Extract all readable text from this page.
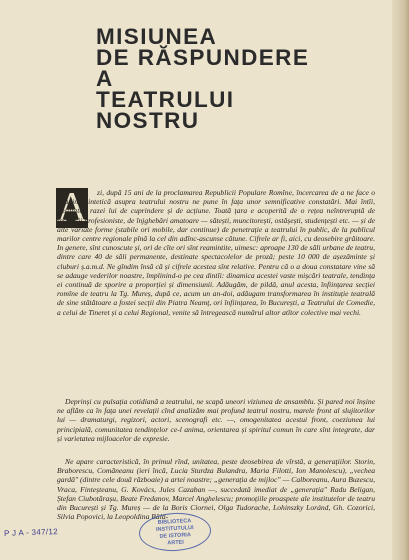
MISIUNEA
DE RĂSPUNDERE
A
TEATRULUI
NOSTRU
A	zi, după 15 ani de la proclamarea Republicii Populare Romîne, încercarea de a ne face o imagine sintetică asupra teatrului nostru ne pune în fața unor semnificative constatări. Mai întîi, vastitatea razei lui de cuprindere și de acțiune. Toată țara e acoperită de o rețea neîntreruptă de instituții profesioniste, de înjghebări amatoare — sătești, muncitorești, ostășești, studențești etc. — și de alte variate forme (stabile ori mobile, dar continue) de penetrație a teatrului în public, de la publicul marilor centre regionale pînă la cel din adînc-ascunse cătune. Cifrele ar fi, aici, cu deosebire grăitoare. In genere, sînt cunoscute și, ori de cîte ori sînt reamintite, uimesc: aproape 130 de săli urbane de teatru, dintre care 40 de săli permanente, destinate spectacolelor de proză; peste 10 000 de așezăminte și cluburi ș.a.m.d. Ne gîndim însă că și cifrele acestea sînt relative. Pentru că o a doua constatare vine să se adauge vederilor noastre, împlinind-o pe cea dintîi: dinamica acestei vaste mișcări teatrale, tendința ei continuă de sporire a proporției și dimensiunii. Adăugăm, de pildă, anul acesta, înființarea secției romîne de teatru la Tg. Mureș, după ce, acum un an-doi, adăugam transformarea în instituție teatrală de sine stătătoare a fostei secții din Piatra Neamț, ori înființarea, în București, a Teatrului de Comedie, a celui de Tineret și a celui Regional, venite să întregească numărul altor atîtor colective mai vechi.

Deprinși cu pulsația cotidiană a teatrului, ne scapă uneori viziunea de ansamblu. Și pared noi înșine ne aflăm ca în fața unei revelații cînd analizăm mai profund teatrul nostru, marele front al slujitorilor lui — dramaturgi, regizori, actori, scenografi etc. —, omogenitatea acestui front, coeziunea lui principială, comunitatea tendințelor ce-l anima, orientarea și spiritul comun în care sînt integrate, dar și varietatea mijloacelor de expresie.

Ne apare caracteristică, în primul rînd, unitatea, peste deosebirea de vîrstă, a generațiilor. Storin, Braborescu, Comăneanu (ieri încă, Lucia Sturdza Bulandra, Maria Filotti, Ion Manolescu), „vechea gardă" (dintre cele două războaie) a artei noastre; „generația de mijloc" — Calboreanu, Aura Buzescu, Vraca, Finteșteanu, G. Kovács, Jules Cazaban —, succedată imediat de „generația" Radu Beligan, Ștefan Ciubotărașu, Beate Fredanov, Marcel Anghelescu; promoțiile proaspete ale institutelor de teatru din București și Tg. Mureș — de la Boris Ciornei, Olga Tudorache, Lohinszky Loránd, Gh. Cozorici, Silvia Popovici, la Leopoldina Bălă-

P J A - 347/12
BIBLIOTECA
INSTITUTULUI
DE ISTORIA
ARTEI
